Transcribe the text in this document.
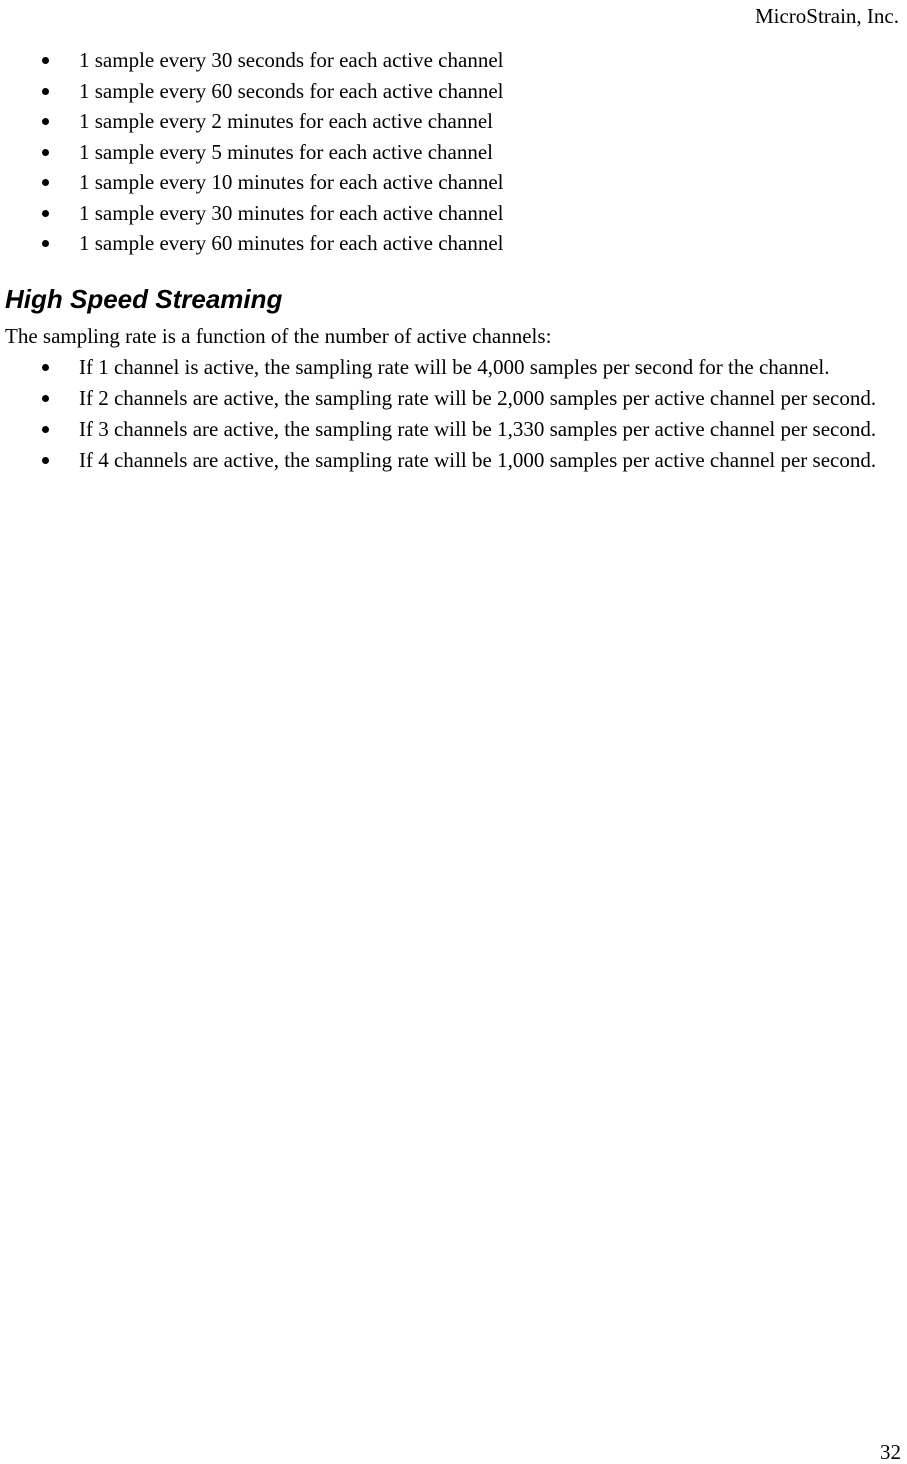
MicroStrain, Inc.
1 sample every 30 seconds for each active channel
1 sample every 60 seconds for each active channel
1 sample every 2 minutes for each active channel
1 sample every 5 minutes for each active channel
1 sample every 10 minutes for each active channel
1 sample every 30 minutes for each active channel
1 sample every 60 minutes for each active channel
High Speed Streaming

The sampling rate is a function of the number of active channels:

If 1 channel is active, the sampling rate will be 4,000 samples per second for the channel.
If 2 channels are active, the sampling rate will be 2,000 samples per active channel per second.
If 3 channels are active, the sampling rate will be 1,330 samples per active channel per second.
If 4 channels are active, the sampling rate will be 1,000 samples per active channel per second.
32
